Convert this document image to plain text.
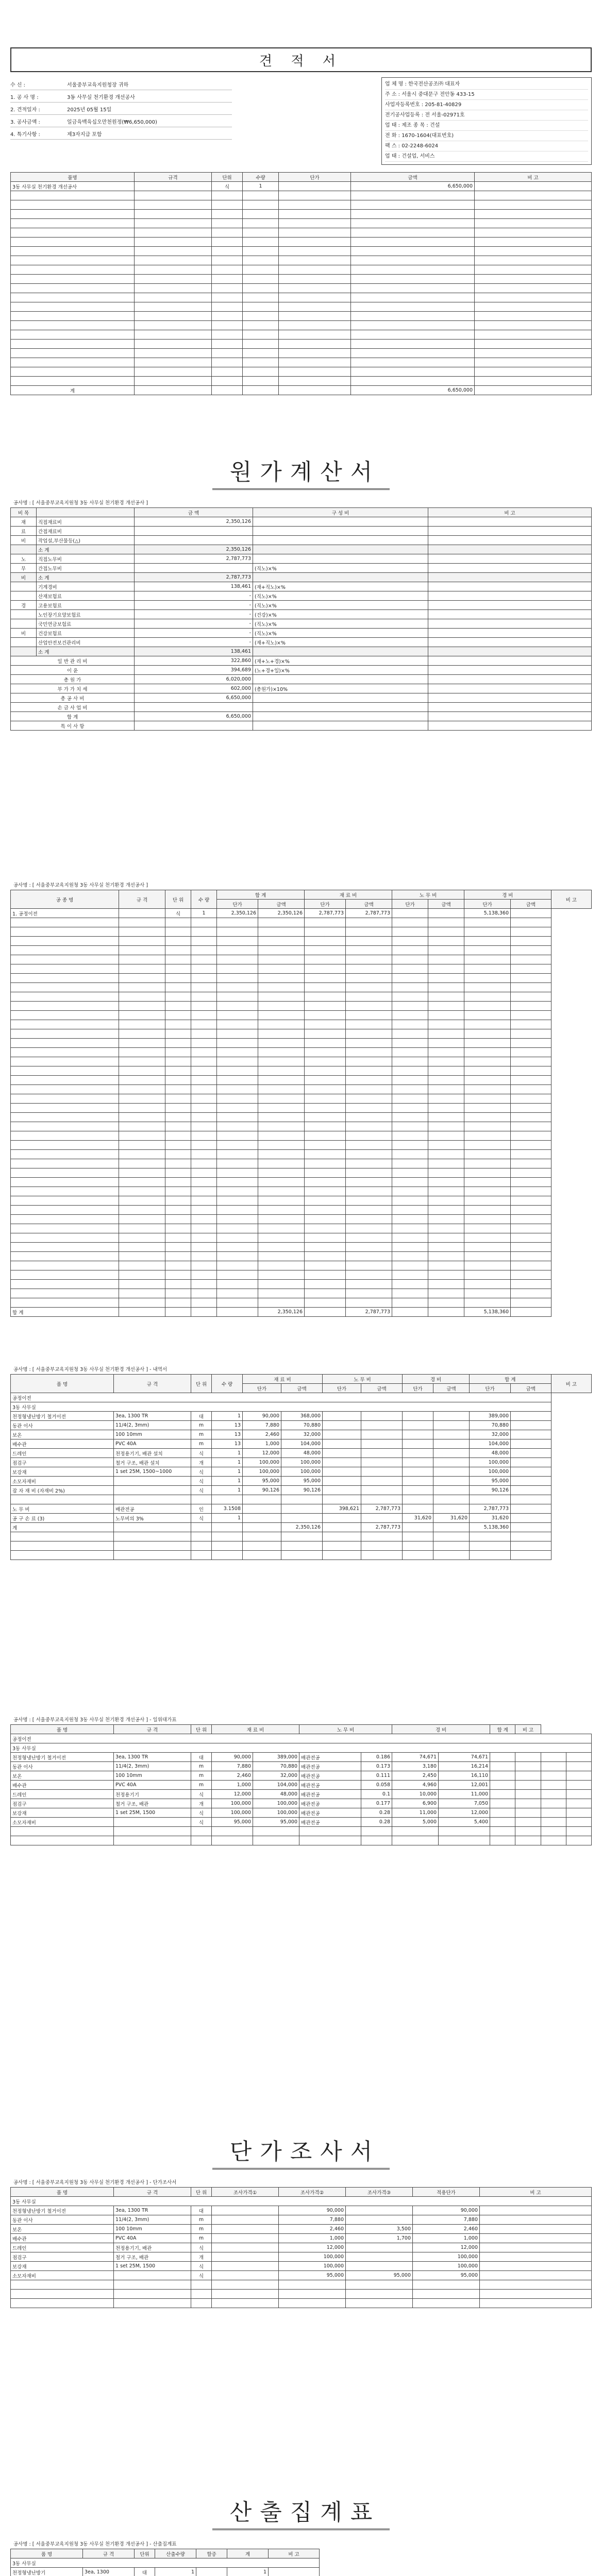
견 적 서
수 신 :	서울중부교육지원청장 귀하
1. 공 사 명 :	3동 사무실 천기환경 개선공사
2. 견적일자 :	2025년 05월 15일
3. 공사금액 :	일금육백육십오만천원정(₩6,650,000)
4. 특기사항 :	제3자지급 포함
업 체 명 : 한국전산공조㈜ 대표자
주 소 : 서울시 중대문구 전안동 433-15
사업자등록번호 : 205-81-40829
전기공사업등록 : 전 서울-02971호
업 태 : 제조 종 목 : 건설
전 화 : 1670-1604(대표번호)
팩 스 : 02-2248-6024
업 태 : 건설업, 서비스
품명	규격	단위	수량	단가	금액	비 고
3동 사무실 천기환경 개선공사		식	1		6,650,000	

계					6,650,000	
원가계산서
공사명 : [ 서울중부교육지원청 3동 사무실 천기환경 개선공사 ]
비 목		금 액	구 성 비	비 고
재	직접재료비	2,350,126		
료	간접재료비			
비	작업설,부산물등(△)			
	소 계	2,350,126		
노	직접노무비	2,787,773		
무	간접노무비		(직노)×%	
비	소 계	2,787,773		
	기계경비	138,461	(재+직노)×%	
	산재보험료	-	(직노)×%	
경	고용보험료	-	(직노)×%	
	노인장기요양보험료	-	(건강)×%	
	국민연금보험료	-	(직노)×%	
비	건강보험료	-	(직노)×%	
	산업안전보건관리비	-	(재+직노)×%	
	소 계	138,461		
일 반 관 리 비		322,860	(재+노+경)×%	
이 윤		394,689	(노+경+일)×%	
총 원 가		6,020,000		
부 가 가 치 세		602,000	(총원가)×10%	
총 공 사 비		6,650,000		
손 금 사 업 비				
합 계		6,650,000		
특 이 사 항				
공사명 : [ 서울중부교육지원청 3동 사무실 천기환경 개선공사 ]
공 종 명	규 격	단 위	수 량	합 계		재 료 비		노 무 비		경 비		비 고
				단가	금액	단가	금액	단가	금액	단가	금액	
1. 공정이전		식	1	2,350,126	2,350,126	2,787,773	2,787,773			5,138,360		

합 계					2,350,126		2,787,773			5,138,360		
공사명 : [ 서울중부교육지원청 3동 사무실 천기환경 개선공사 ] - 내역서
품 명	규 격	단 위	수 량	재 료 비		노 무 비		경 비		합 계		비 고
				단가	금액	단가	금액	단가	금액	단가	금액	
공정이전												
3동 사무실												
천정형냉난방기 철거이전	3ea, 1300 TR	대	1	90,000	368,000					389,000		
동관 이사	11/4(2, 3mm)	m	13	7,880	70,880					70,880		
보온	100 10mm	m	13	2,460	32,000					32,000		
배수관	PVC 40A	m	13	1,000	104,000					104,000		
드레인	천정용기기, 배관 설치	식	1	12,000	48,000					48,000		
점검구	철거 구조, 배관 설치	개	1	100,000	100,000					100,000		
보강재	1 set 25M, 1500~1000	식	1	100,000	100,000					100,000		
소모자재비		식	1	95,000	95,000					95,000		
잡 자 재 비 (자재비 2%)		식	1	90,126	90,126					90,126		

노 무 비	배관전공	인	3.1508			398,621	2,787,773			2,787,773		
공 구 손 료 (3)	노무비의 3%	식	1					31,620	31,620	31,620		
계					2,350,126		2,787,773			5,138,360		

공사명 : [ 서울중부교육지원청 3동 사무실 천기환경 개선공사 ] - 일위대가표
품 명	규 격	단 위	재 료 비		노 무 비		경 비		합 계	비 고		
공정이전												
3동 사무실												
천정형냉난방기 철거이전	3ea, 1300 TR	대	90,000	389,000	배관전공	0.186	74,671	74,671				
동관 이사	11/4(2, 3mm)	m	7,880	70,880	배관전공	0.173	3,180	16,214				
보온	100 10mm	m	2,460	32,000	배관전공	0.111	2,450	16,110				
배수관	PVC 40A	m	1,000	104,000	배관전공	0.058	4,960	12,001				
드레인	천정용기기	식	12,000	48,000	배관전공	0.1	10,000	11,000				
점검구	철거 구조, 배관	개	100,000	100,000	배관전공	0.177	6,900	7,050				
보강재	1 set 25M, 1500	식	100,000	100,000	배관전공	0.28	11,000	12,000				
소모자재비		식	95,000	95,000	배관전공	0.28	5,000	5,400				

단가조사서
공사명 : [ 서울중부교육지원청 3동 사무실 천기환경 개선공사 ] - 단가조사서
품 명	규 격	단 위	조사가격①	조사가격②	조사가격③	적용단가	비 고
3동 사무실							
천정형냉난방기 철거이전	3ea, 1300 TR	대		90,000		90,000	
동관 이사	11/4(2, 3mm)	m		7,880		7,880	
보온	100 10mm	m		2,460	3,500	2,460	
배수관	PVC 40A	m		1,000	1,700	1,000	
드레인	천정용기기, 배관	식		12,000		12,000	
점검구	철거 구조, 배관	개		100,000		100,000	
보강재	1 set 25M, 1500	식		100,000		100,000	
소모자재비		식		95,000	95,000	95,000	

산출집계표
공사명 : [ 서울중부교육지원청 3동 사무실 천기환경 개선공사 ] - 산출집계표
품 명	규 격	단위	산출수량	할증	계	비 고
3동 사무실						
천정형냉난방기	3ea, 1300	대	1		1	
